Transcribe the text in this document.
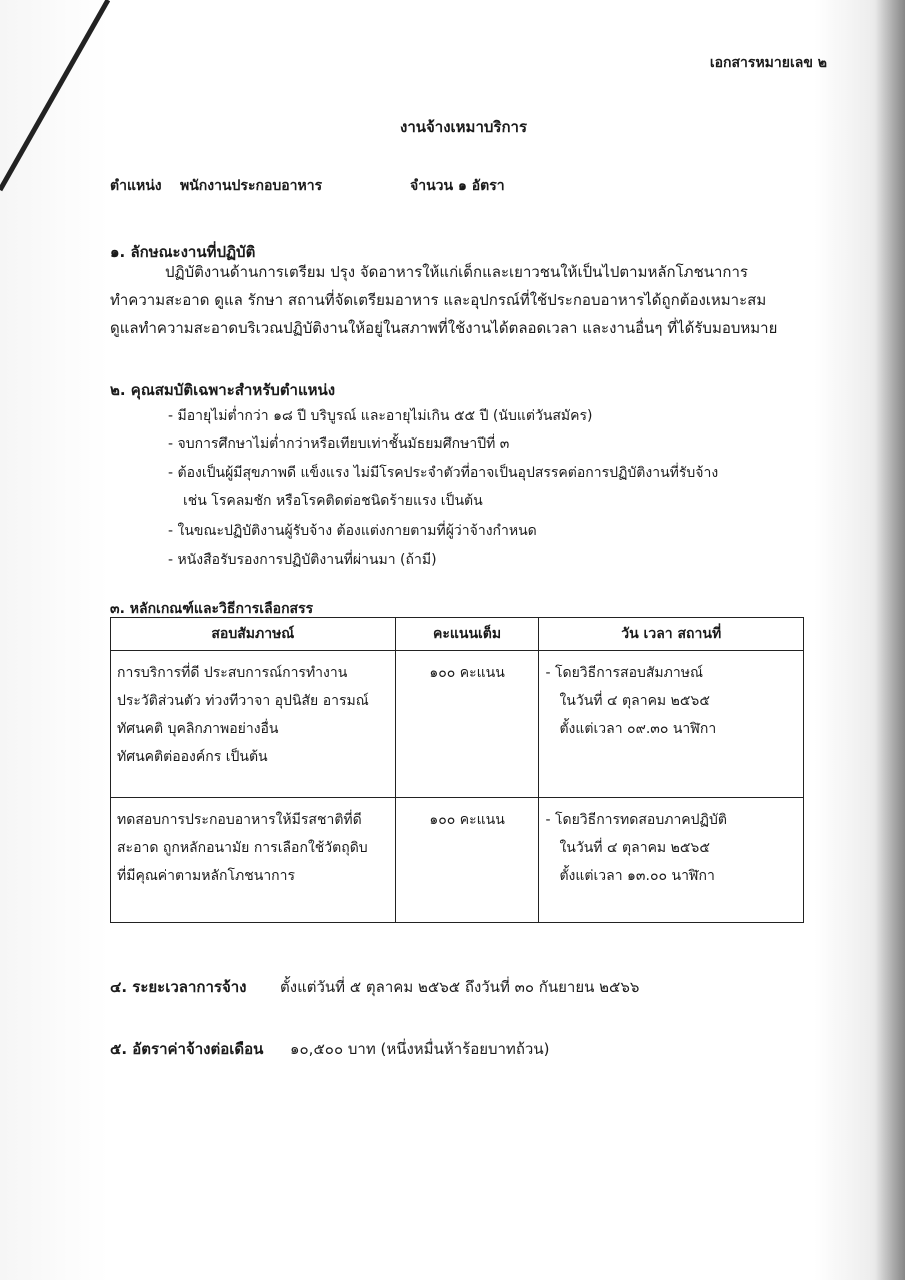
เอกสารหมายเลข ๒
งานจ้างเหมาบริการ
ตำแหน่ง พนักงานประกอบอาหาร	จำนวน ๑ อัตรา
๑. ลักษณะงานที่ปฏิบัติ
ปฏิบัติงานด้านการเตรียม ปรุง จัดอาหารให้แก่เด็กและเยาวชนให้เป็นไปตามหลักโภชนาการ
ทำความสะอาด ดูแล รักษา สถานที่จัดเตรียมอาหาร และอุปกรณ์ที่ใช้ประกอบอาหารได้ถูกต้องเหมาะสม
ดูแลทำความสะอาดบริเวณปฏิบัติงานให้อยู่ในสภาพที่ใช้งานได้ตลอดเวลา และงานอื่นๆ ที่ได้รับมอบหมาย
๒. คุณสมบัติเฉพาะสำหรับตำแหน่ง
- มีอายุไม่ต่ำกว่า ๑๘ ปี บริบูรณ์ และอายุไม่เกิน ๕๕ ปี (นับแต่วันสมัคร)
- จบการศึกษาไม่ต่ำกว่าหรือเทียบเท่าชั้นมัธยมศึกษาปีที่ ๓
- ต้องเป็นผู้มีสุขภาพดี แข็งแรง ไม่มีโรคประจำตัวที่อาจเป็นอุปสรรคต่อการปฏิบัติงานที่รับจ้าง
เช่น โรคลมชัก หรือโรคติดต่อชนิดร้ายแรง เป็นต้น
- ในขณะปฏิบัติงานผู้รับจ้าง ต้องแต่งกายตามที่ผู้ว่าจ้างกำหนด
- หนังสือรับรองการปฏิบัติงานที่ผ่านมา (ถ้ามี)
๓. หลักเกณฑ์และวิธีการเลือกสรร
สอบสัมภาษณ์	คะแนนเต็ม	วัน เวลา สถานที่

การบริการที่ดี ประสบการณ์การทำงาน
ประวัติส่วนตัว ท่วงทีวาจา อุปนิสัย อารมณ์
ทัศนคติ บุคลิกภาพอย่างอื่น
ทัศนคติต่อองค์กร เป็นต้น	๑๐๐ คะแนน	- โดยวิธีการสอบสัมภาษณ์
ในวันที่ ๔ ตุลาคม ๒๕๖๕
ตั้งแต่เวลา ๐๙.๓๐ นาฬิกา

ทดสอบการประกอบอาหารให้มีรสชาติที่ดี
สะอาด ถูกหลักอนามัย การเลือกใช้วัตถุดิบ
ที่มีคุณค่าตามหลักโภชนาการ	๑๐๐ คะแนน	- โดยวิธีการทดสอบภาคปฏิบัติ
ในวันที่ ๔ ตุลาคม ๒๕๖๕
ตั้งแต่เวลา ๑๓.๐๐ นาฬิกา
๔. ระยะเวลาการจ้าง ตั้งแต่วันที่ ๕ ตุลาคม ๒๕๖๕ ถึงวันที่ ๓๐ กันยายน ๒๕๖๖
๕. อัตราค่าจ้างต่อเดือน ๑๐,๕๐๐ บาท (หนึ่งหมื่นห้าร้อยบาทถ้วน)
